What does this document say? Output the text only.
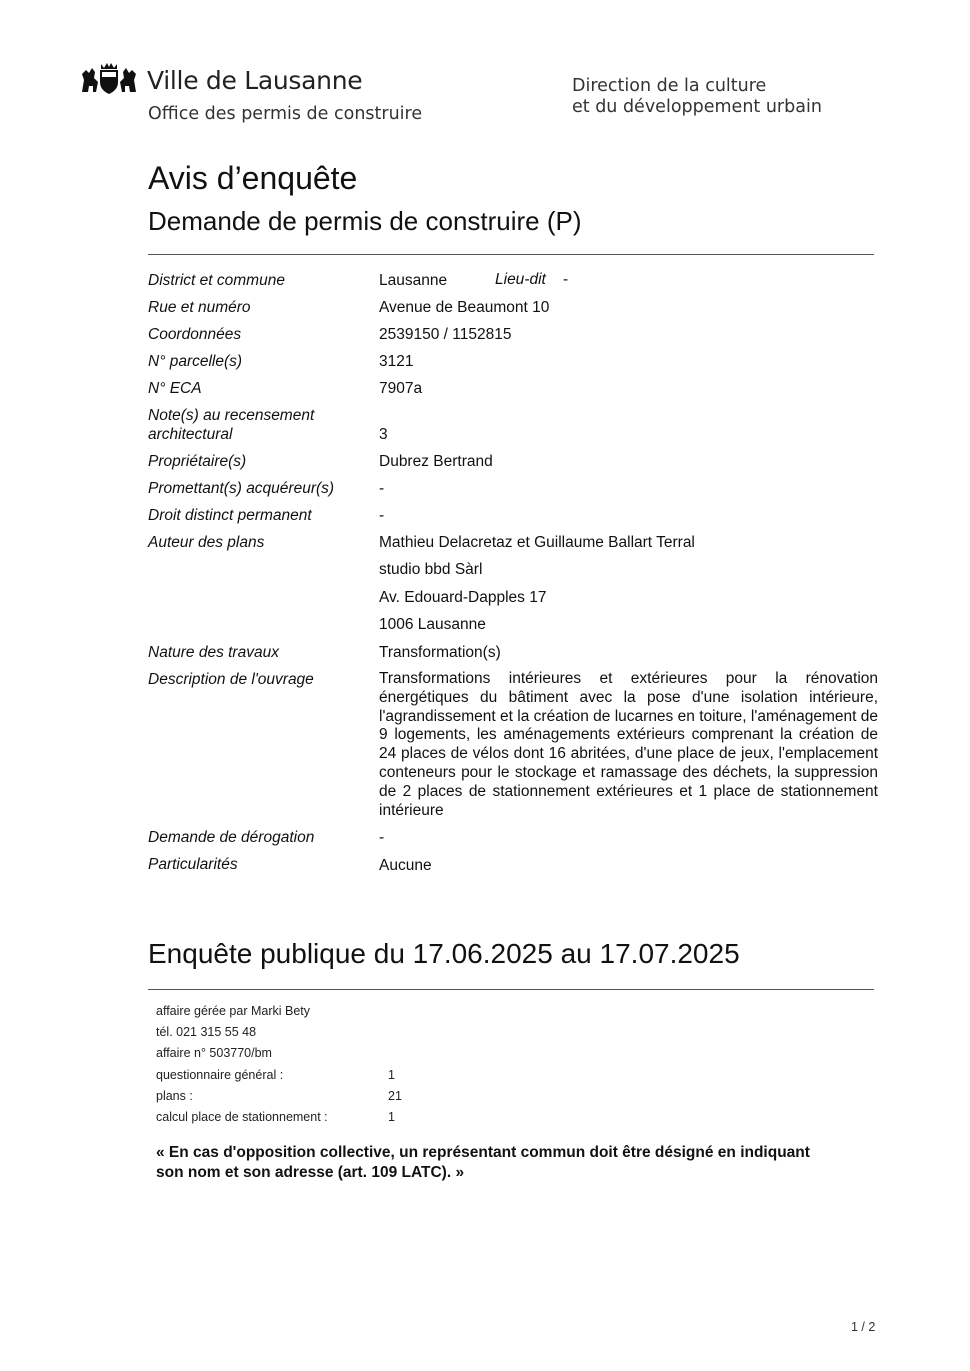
Ville de Lausanne
Office des permis de construire
Direction de la culture
et du développement urbain
Avis d’enquête
Demande de permis de construire (P)
District et commune	Lausanne	Lieu-dit -
Rue et numéro	Avenue de Beaumont 10
Coordonnées	2539150 / 1152815
N° parcelle(s)	3121
N° ECA	7907a
Note(s) au recensement
architectural	3
Propriétaire(s)	Dubrez Bertrand
Promettant(s) acquéreur(s)	-
Droit distinct permanent	-
Auteur des plans	Mathieu Delacretaz et Guillaume Ballart Terral
studio bbd Sàrl
Av. Edouard-Dapples 17
1006 Lausanne
Nature des travaux	Transformation(s)
Description de l'ouvrage	Transformations intérieures et extérieures pour la rénovation énergétiques du bâtiment avec la pose d'une isolation intérieure, l'agrandissement et la création de lucarnes en toiture, l'aménagement de 9 logements, les aménagements extérieurs comprenant la création de 24 places de vélos dont 16 abritées, d'une place de jeux, l'emplacement conteneurs pour le stockage et ramassage des déchets, la suppression de 2 places de stationnement extérieures et 1 place de stationnement intérieure
Demande de dérogation	-
Particularités	Aucune
Enquête publique du 17.06.2025 au 17.07.2025
affaire gérée par Marki Bety
tél. 021 315 55 48
affaire n° 503770/bm
questionnaire général :	1
plans :	21
calcul place de stationnement :	1
« En cas d'opposition collective, un représentant commun doit être désigné en indiquant
son nom et son adresse (art. 109 LATC). »
1 / 2
